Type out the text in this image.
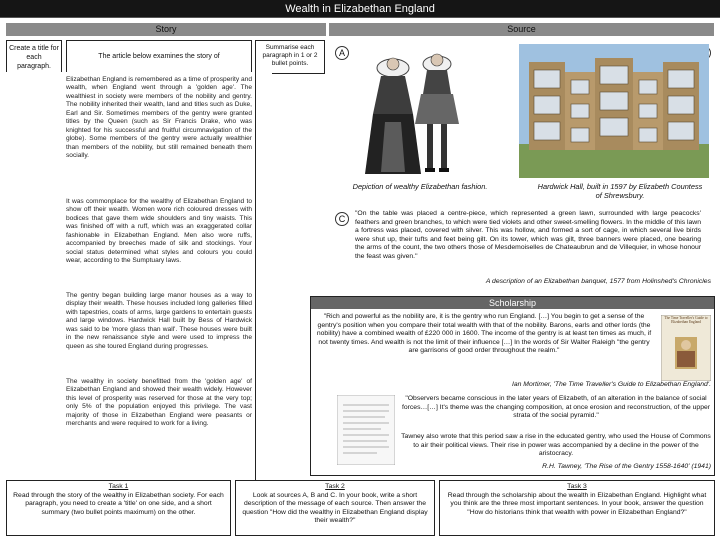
Wealth in Elizabethan England
Story	Source
Create a title for each paragraph.
The article below examines the story of
Summarise each paragraph in 1 or 2 bullet points.
Elizabethan England is remembered as a time of prosperity and wealth, when England went through a 'golden age'. The wealthiest in society were members of the nobility and gentry. The nobility inherited their wealth, land and titles such as Duke, Earl and Sir. Sometimes members of the gentry were granted titles by the Queen (such as Sir Francis Drake, who was knighted for his successful and fruitful circumnavigation of the globe). Some members of the gentry were actually wealthier than members of the nobility, but still remained beneath them socially.
It was commonplace for the wealthy of Elizabethan England to show off their wealth. Women wore rich coloured dresses with bodices that gave them wide shoulders and tiny waists. This was finished off with a ruff, which was an exaggerated collar fashionable in Elizabethan England. Men also wore ruffs, accompanied by breeches made of silk and stockings. Your social status determined what styles and colours you could wear, according to the Sumptuary laws.
The gentry began building large manor houses as a way to display their wealth. These houses included long galleries filled with tapestries, coats of arms, large gardens to entertain guests and large windows. Hardwick Hall built by Bess of Hardwick was said to be 'more glass than wall'. These houses were built in the new renaissance style and were used to impress the queen as she toured England during progresses.
The wealthy in society benefitted from the 'golden age' of Elizabethan England and showed their wealth widely. However this level of prosperity was reserved for those at the very top; only 5% of the population enjoyed this privilege. The vast majority of those in Elizabethan England were peasants or merchants and were required to work for a living.
A
Depiction of wealthy Elizabethan fashion.	Hardwick Hall, built in 1597 by Elizabeth Countess of Shrewsbury.
C
"On the table was placed a centre-piece, which represented a green lawn, surrounded with large peacocks' feathers and green branches, to which were tied violets and other sweet-smelling flowers. In the middle of this lawn a fortress was placed, covered with silver. This was hollow, and formed a sort of cage, in which several live birds were shut up, their tufts and feet being gilt. On its tower, which was gilt, three banners were placed, one bearing the arms of the count, the two others those of Mesdemoiselles de Chateaubrun and de Villequier, in whose honour the feast was given."
A description of an Elizabethan banquet, 1577 from Holinshed's Chronicles
Scholarship
"Rich and powerful as the nobility are, it is the gentry who run England. […] You begin to get a sense of the gentry's position when you compare their total wealth with that of the nobility. Barons, earls and other lords (the nobility) have a combined wealth of £220 000 in 1600. The income of the gentry is at least ten times as much, if not twenty times. And wealth is not the limit of their influence […] In the words of Sir Walter Raleigh "the gentry are garrisons of good order throughout the realm."
The Time Traveller's Guide to Elizabethan England
Ian Mortimer, 'The Time Traveller's Guide to Elizabethan England'.
"Observers became conscious in the later years of Elizabeth, of an alteration in the balance of social forces…[…] It's theme was the changing composition, at once erosion and reconstruction, of the upper strata of the social pyramid."
Tawney also wrote that this period saw a rise in the educated gentry, who used the House of Commons to air their political views. Their rise in power was accompanied by a decline in the power of the aristocracy.
R.H. Tawney, 'The Rise of the Gentry 1558-1640' (1941)
Task 1
Read through the story of the wealthy in Elizabethan society. For each paragraph, you need to create a 'title' on one side, and a short summary (two bullet points maximum) on the other.
Task 2
Look at sources A, B and C. In your book, write a short description of the message of each source. Then answer the question "How did the wealthy in Elizabethan England display their wealth?"
Task 3
Read through the scholarship about the wealth in Elizabethan England. Highlight what you think are the three most important sentences. In your book, answer the question "How do historians think that wealth with power in Elizabethan England?"
